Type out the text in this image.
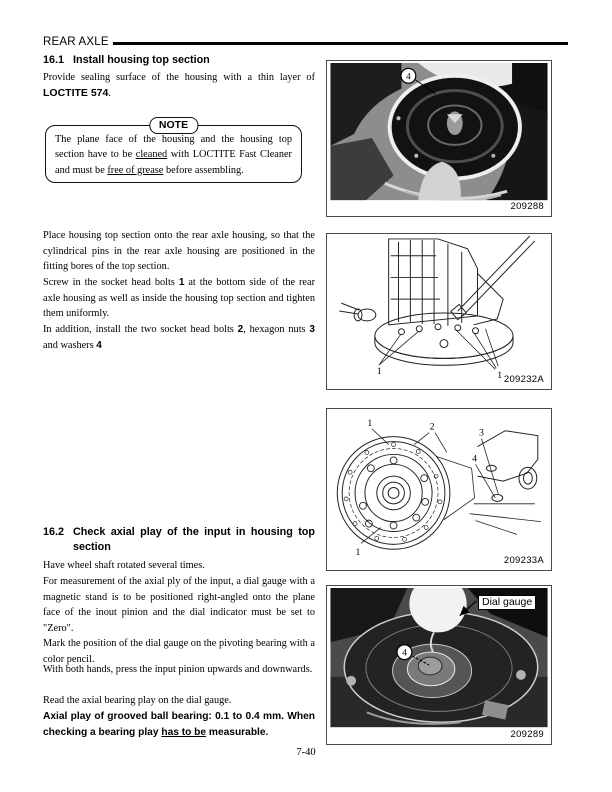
REAR AXLE
16.1 Install housing top section
Provide sealing surface of the housing with a thin layer of LOCTITE 574.
NOTE
The plane face of the housing and the housing top section have to be cleaned with LOCTITE Fast Cleaner and must be free of grease before assembling.
Place housing top section onto the rear axle housing, so that the cylindrical pins in the rear axle housing are positioned in the fitting bores of the top section.
Screw in the socket head bolts 1 at the bottom side of the rear axle housing as well as inside the housing top section and tighten them uniformly.
In addition, install the two socket head bolts 2, hexagon nuts 3 and washers 4
16.2 Check axial play of the input in housing top section
Have wheel shaft rotated several times.
For measurement of the axial ply of the input, a dial gauge with a magnetic stand is to be positioned right-angled onto the plane face of the inout pinion and the dial indicator must be set to "Zero".
Mark the position of the dial gauge on the pivoting bearing with a color pencil.
With both hands, press the input pinion upwards and downwards.
Read the axial bearing play on the dial gauge.
Axial play of grooved ball bearing: 0.1 to 0.4 mm. When checking a bearing play has to be measurable.
4
209288
1	1 209232A
1	2
3
4
1
209233A
4
Dial gauge
209289
7-40
